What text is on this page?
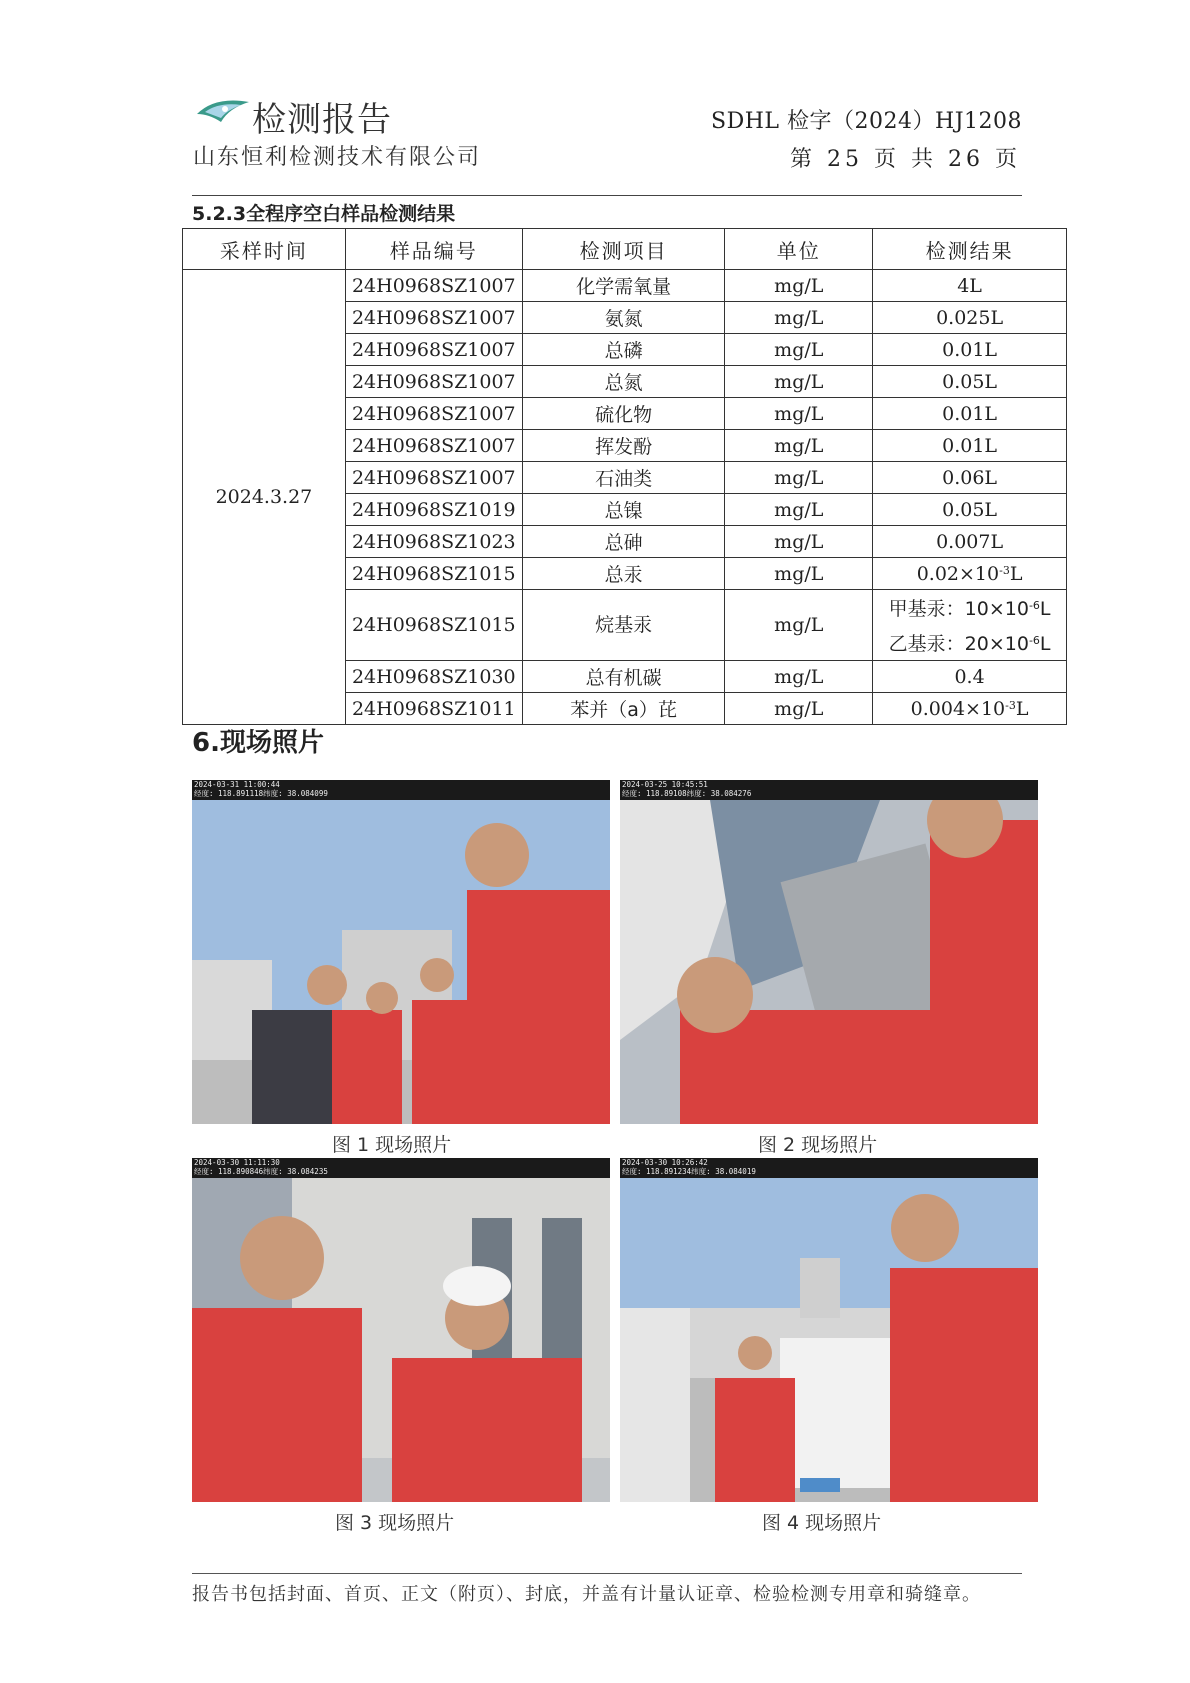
检测报告
山东恒利检测技术有限公司
SDHL 检字（2024）HJ1208
第 25 页 共 26 页
5.2.3全程序空白样品检测结果
采样时间	样品编号	检测项目	单位	检测结果
2024.3.27	24H0968SZ1007	化学需氧量	mg/L	4L
	24H0968SZ1007	氨氮	mg/L	0.025L
	24H0968SZ1007	总磷	mg/L	0.01L
	24H0968SZ1007	总氮	mg/L	0.05L
	24H0968SZ1007	硫化物	mg/L	0.01L
	24H0968SZ1007	挥发酚	mg/L	0.01L
	24H0968SZ1007	石油类	mg/L	0.06L
	24H0968SZ1019	总镍	mg/L	0.05L
	24H0968SZ1023	总砷	mg/L	0.007L
	24H0968SZ1015	总汞	mg/L	$0.02\times 10^{-3}L$
	24H0968SZ1015	烷基汞	mg/L	甲基汞：$10\times 10^{-6}L$
乙基汞：$20\times 10^{-6}L$

	24H0968SZ1030	总有机碳	mg/L	0.4
	24H0968SZ1011	苯并（a）芘	mg/L	$0.004\times 10^{-3}L$
6.现场照片
2024-03-31 11:00:44
经度: 118.891118纬度: 38.084099
图 1 现场照片
2024-03-25 10:45:51
经度: 118.89108纬度: 38.084276
图 2 现场照片
2024-03-30 11:11:30
经度: 118.890846纬度: 38.084235
图 3 现场照片
2024-03-30 10:26:42
经度: 118.891234纬度: 38.084019
图 4 现场照片
报告书包括封面、首页、正文（附页）、封底，并盖有计量认证章、检验检测专用章和骑缝章。
